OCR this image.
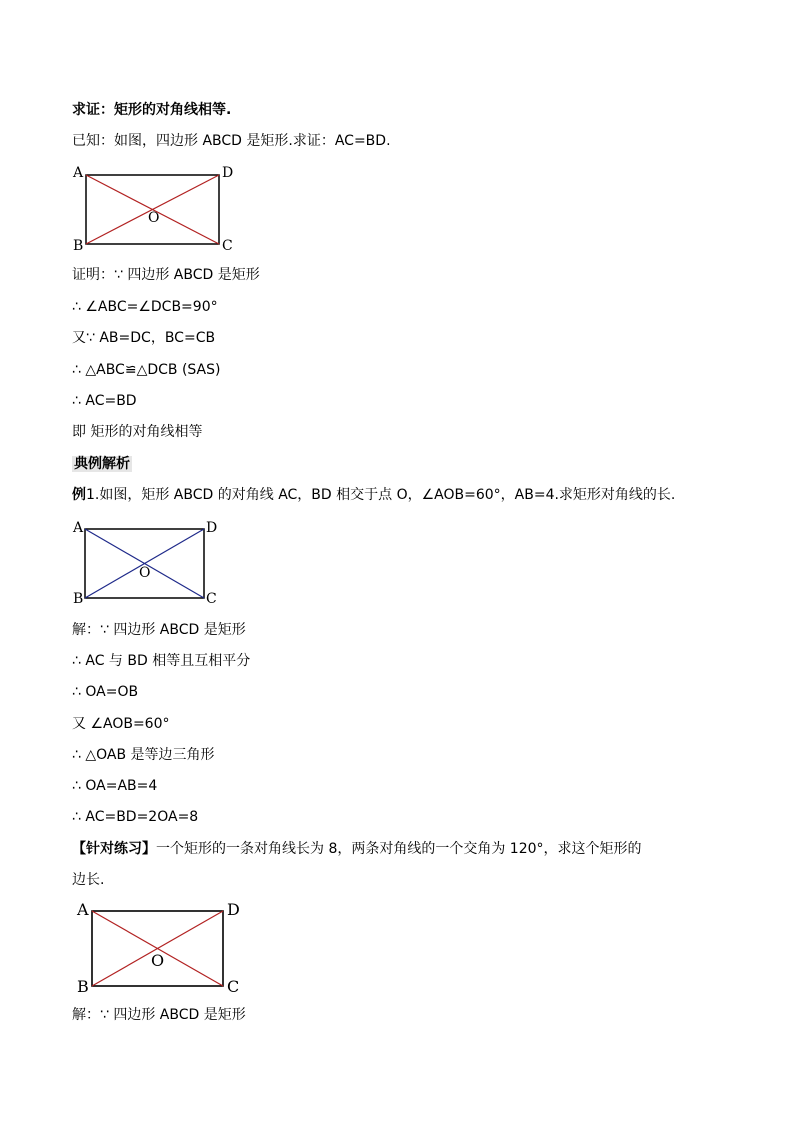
求证：矩形的对角线相等.
已知：如图，四边形 ABCD 是矩形.求证：AC=BD.
A	D
B	C
O
证明：∵ 四边形 ABCD 是矩形
∴ ∠ABC=∠DCB=90°
又∵ AB=DC，BC=CB
∴ △ABC≌△DCB (SAS)
∴ AC=BD
即 矩形的对角线相等
典例解析
例1.如图，矩形 ABCD 的对角线 AC，BD 相交于点 O，∠AOB=60°，AB=4.求矩形对角线的长.
A	D
B	C
O
解：∵ 四边形 ABCD 是矩形
∴ AC 与 BD 相等且互相平分
∴ OA=OB
又 ∠AOB=60°
∴ △OAB 是等边三角形
∴ OA=AB=4
∴ AC=BD=2OA=8
【针对练习】一个矩形的一条对角线长为 8，两条对角线的一个交角为 120°，求这个矩形的
边长.
A	D
B	C
O
解：∵ 四边形 ABCD 是矩形
